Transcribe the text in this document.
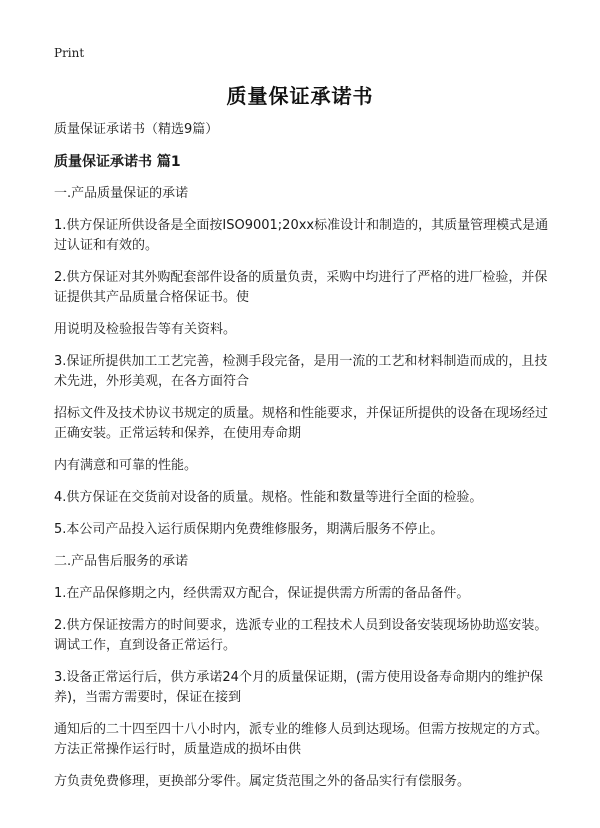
Print
质量保证承诺书

质量保证承诺书（精选9篇）

质量保证承诺书 篇1

一.产品质量保证的承诺

1.供方保证所供设备是全面按ISO9001;20xx标准设计和制造的，其质量管理模式是通过认证和有效的。

2.供方保证对其外购配套部件设备的质量负责，采购中均进行了严格的进厂检验，并保证提供其产品质量合格保证书。使

用说明及检验报告等有关资料。

3.保证所提供加工工艺完善，检测手段完备，是用一流的工艺和材料制造而成的，且技术先进，外形美观，在各方面符合

招标文件及技术协议书规定的质量。规格和性能要求，并保证所提供的设备在现场经过正确安装。正常运转和保养，在使用寿命期

内有满意和可靠的性能。

4.供方保证在交货前对设备的质量。规格。性能和数量等进行全面的检验。

5.本公司产品投入运行质保期内免费维修服务，期满后服务不停止。

二.产品售后服务的承诺

1.在产品保修期之内，经供需双方配合，保证提供需方所需的备品备件。

2.供方保证按需方的时间要求，选派专业的工程技术人员到设备安装现场协助巡安装。调试工作，直到设备正常运行。

3.设备正常运行后，供方承诺24个月的质量保证期，(需方使用设备寿命期内的维护保养)，当需方需要时，保证在接到

通知后的二十四至四十八小时内，派专业的维修人员到达现场。但需方按规定的方式。方法正常操作运行时，质量造成的损坏由供

方负责免费修理，更换部分零件。属定货范围之外的备品实行有偿服务。
